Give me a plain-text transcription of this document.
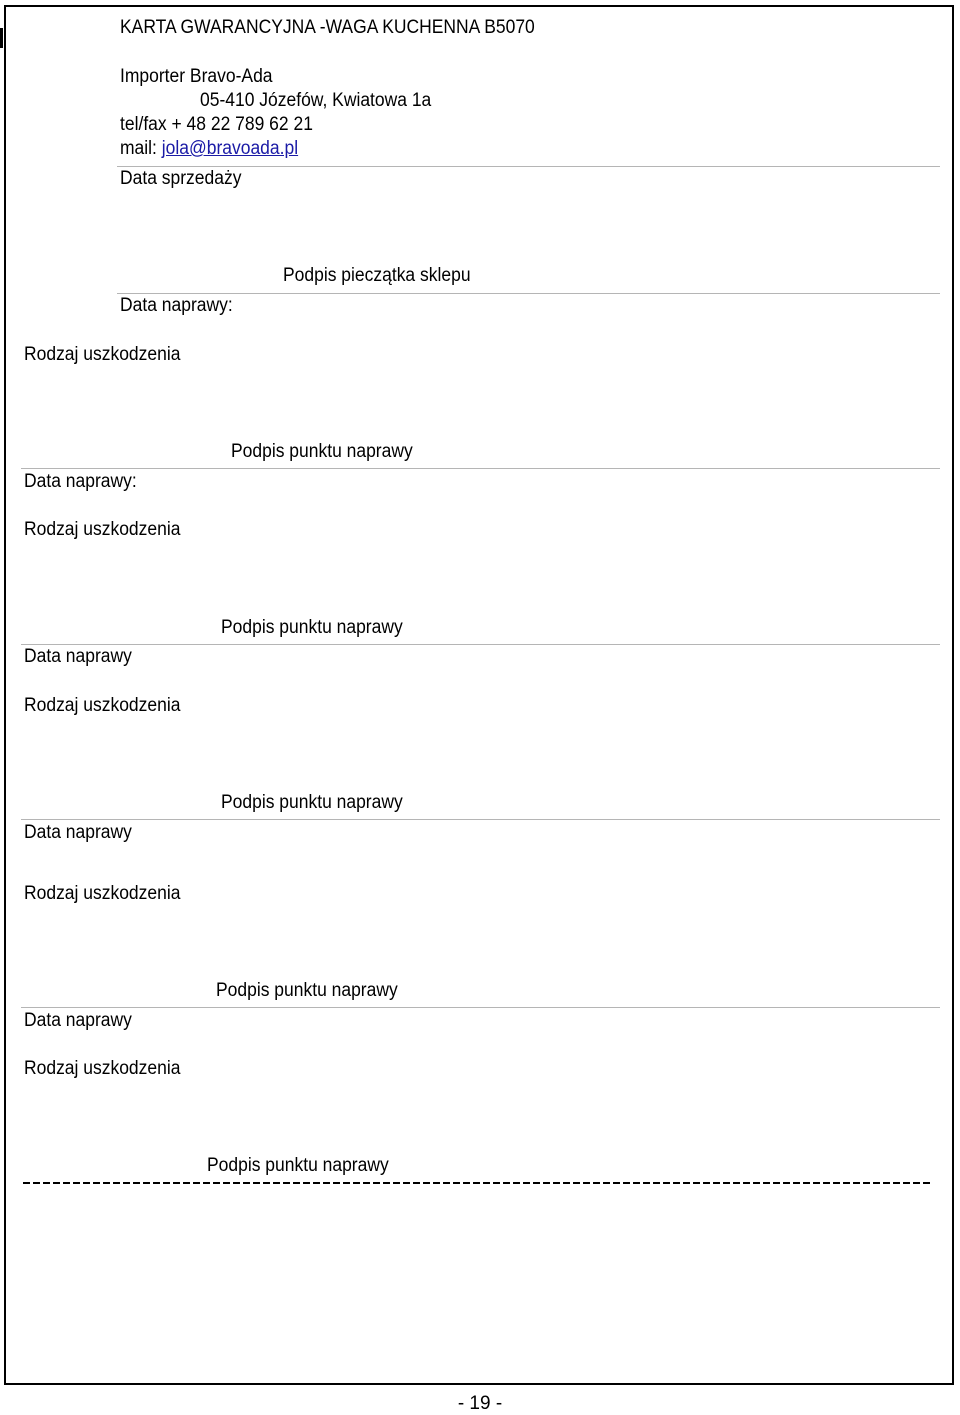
KARTA GWARANCYJNA -WAGA KUCHENNA B5070
Importer Bravo-Ada
05-410 Józefów, Kwiatowa 1a
tel/fax + 48 22 789 62 21
mail: jola@bravoada.pl
Data sprzedaży
Podpis pieczątka sklepu
Data naprawy:
Rodzaj uszkodzenia
Podpis punktu naprawy
Data naprawy:
Rodzaj uszkodzenia
Podpis punktu naprawy
Data naprawy
Rodzaj uszkodzenia
Podpis punktu naprawy
Data naprawy
Rodzaj uszkodzenia
Podpis punktu naprawy
Data naprawy
Rodzaj uszkodzenia
Podpis punktu naprawy
- 19 -
